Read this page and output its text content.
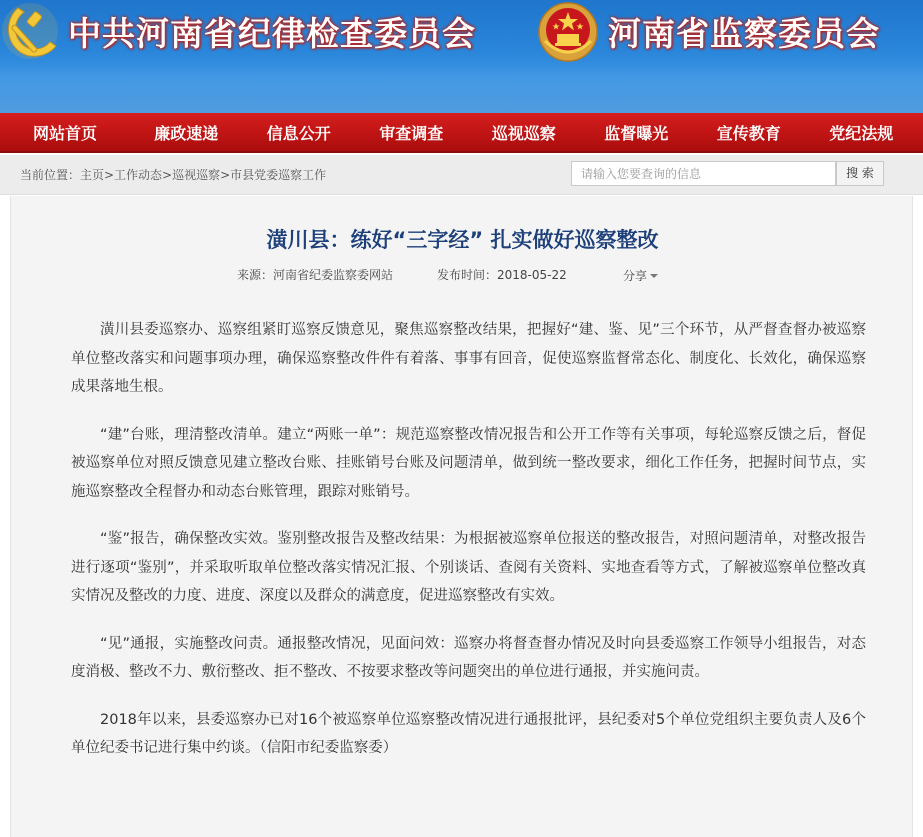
中共河南省纪律检查委员会	河南省监察委员会
网站首页	廉政速递	信息公开	审查调查	巡视巡察	监督曝光	宣传教育	党纪法规
当前位置：主页>工作动态>巡视巡察>市县党委巡察工作
请输入您要查询的信息	搜 索
潢川县：练好“三字经” 扎实做好巡察整改
来源：河南省纪委监察委网站	发布时间：2018-05-22	分享

潢川县委巡察办、巡察组紧盯巡察反馈意见，聚焦巡察整改结果，把握好“建、鉴、见”三个环节，从严督查督办被巡察单位整改落实和问题事项办理，确保巡察整改件件有着落、事事有回音，促使巡察监督常态化、制度化、长效化，确保巡察成果落地生根。

“建”台账，理清整改清单。建立“两账一单”：规范巡察整改情况报告和公开工作等有关事项，每轮巡察反馈之后，督促被巡察单位对照反馈意见建立整改台账、挂账销号台账及问题清单，做到统一整改要求，细化工作任务，把握时间节点，实施巡察整改全程督办和动态台账管理，跟踪对账销号。

“鉴”报告，确保整改实效。鉴别整改报告及整改结果：为根据被巡察单位报送的整改报告，对照问题清单，对整改报告进行逐项“鉴别”，并采取听取单位整改落实情况汇报、个别谈话、查阅有关资料、实地查看等方式，了解被巡察单位整改真实情况及整改的力度、进度、深度以及群众的满意度，促进巡察整改有实效。

“见”通报，实施整改问责。通报整改情况，见面问效：巡察办将督查督办情况及时向县委巡察工作领导小组报告，对态度消极、整改不力、敷衍整改、拒不整改、不按要求整改等问题突出的单位进行通报，并实施问责。

2018年以来，县委巡察办已对16个被巡察单位巡察整改情况进行通报批评，县纪委对5个单位党组织主要负责人及6个单位纪委书记进行集中约谈。（信阳市纪委监察委）
